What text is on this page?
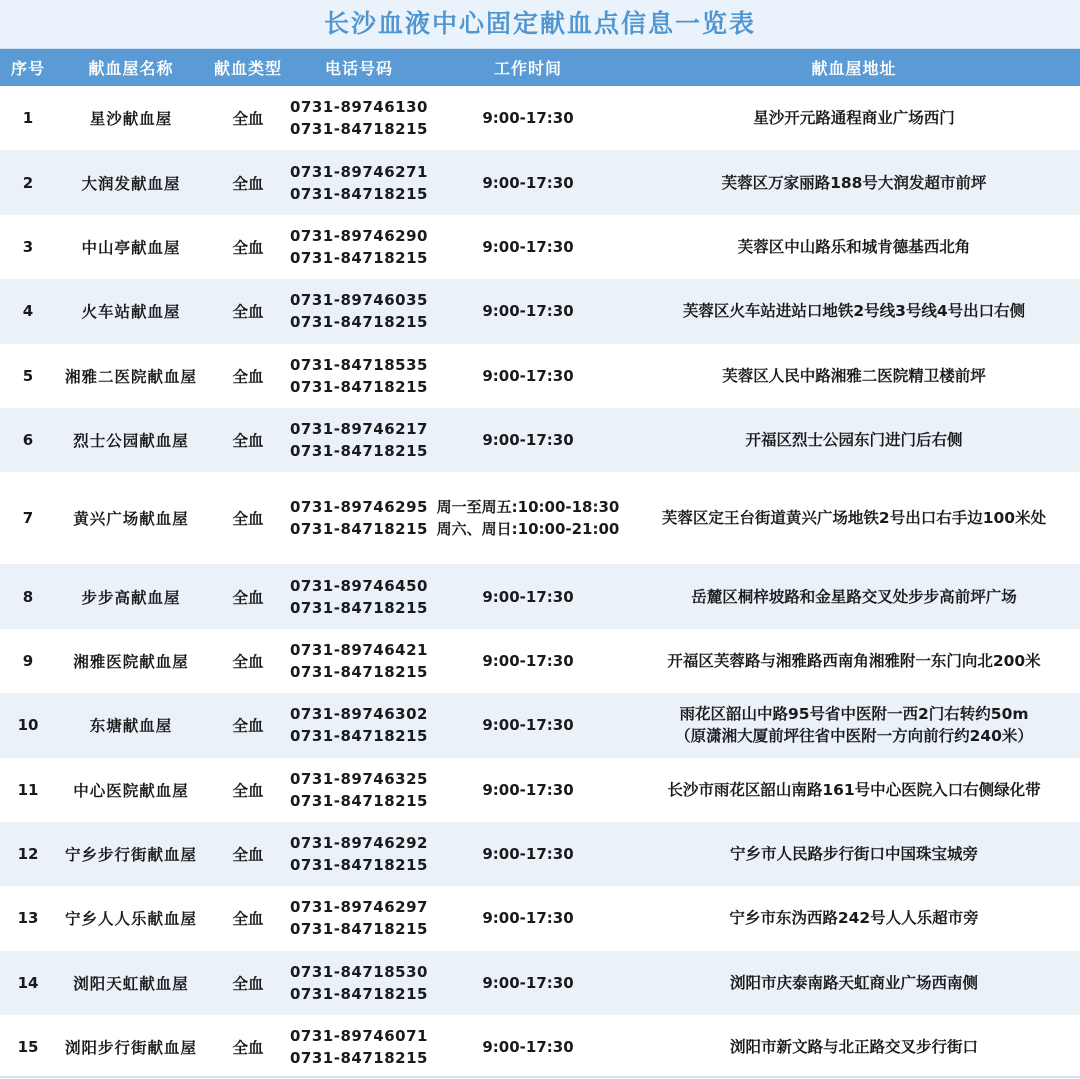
长沙血液中心固定献血点信息一览表
序号	献血屋名称	献血类型	电话号码	工作时间	献血屋地址
1	星沙献血屋	全血	0731-89746130
0731-84718215	9:00-17:30	星沙开元路通程商业广场西门

2	大润发献血屋	全血	0731-89746271
0731-84718215	9:00-17:30	芙蓉区万家丽路188号大润发超市前坪

3	中山亭献血屋	全血	0731-89746290
0731-84718215	9:00-17:30	芙蓉区中山路乐和城肯德基西北角

4	火车站献血屋	全血	0731-89746035
0731-84718215	9:00-17:30	芙蓉区火车站进站口地铁2号线3号线4号出口右侧

5	湘雅二医院献血屋	全血	0731-84718535
0731-84718215	9:00-17:30	芙蓉区人民中路湘雅二医院精卫楼前坪

6	烈士公园献血屋	全血	0731-89746217
0731-84718215	9:00-17:30	开福区烈士公园东门进门后右侧

7	黄兴广场献血屋	全血	0731-89746295
0731-84718215	周一至周五:10:00-18:30
周六、周日:10:00-21:00	芙蓉区定王台街道黄兴广场地铁2号出口右手边100米处

8	步步高献血屋	全血	0731-89746450
0731-84718215	9:00-17:30	岳麓区桐梓坡路和金星路交叉处步步高前坪广场

9	湘雅医院献血屋	全血	0731-89746421
0731-84718215	9:00-17:30	开福区芙蓉路与湘雅路西南角湘雅附一东门向北200米

10	东塘献血屋	全血	0731-89746302
0731-84718215	9:00-17:30	雨花区韶山中路95号省中医附一西2门右转约50m
（原潇湘大厦前坪往省中医附一方向前行约240米）

11	中心医院献血屋	全血	0731-89746325
0731-84718215	9:00-17:30	长沙市雨花区韶山南路161号中心医院入口右侧绿化带

12	宁乡步行街献血屋	全血	0731-89746292
0731-84718215	9:00-17:30	宁乡市人民路步行街口中国珠宝城旁

13	宁乡人人乐献血屋	全血	0731-89746297
0731-84718215	9:00-17:30	宁乡市东沩西路242号人人乐超市旁

14	浏阳天虹献血屋	全血	0731-84718530
0731-84718215	9:00-17:30	浏阳市庆泰南路天虹商业广场西南侧

15	浏阳步行街献血屋	全血	0731-89746071
0731-84718215	9:00-17:30	浏阳市新文路与北正路交叉步行街口
